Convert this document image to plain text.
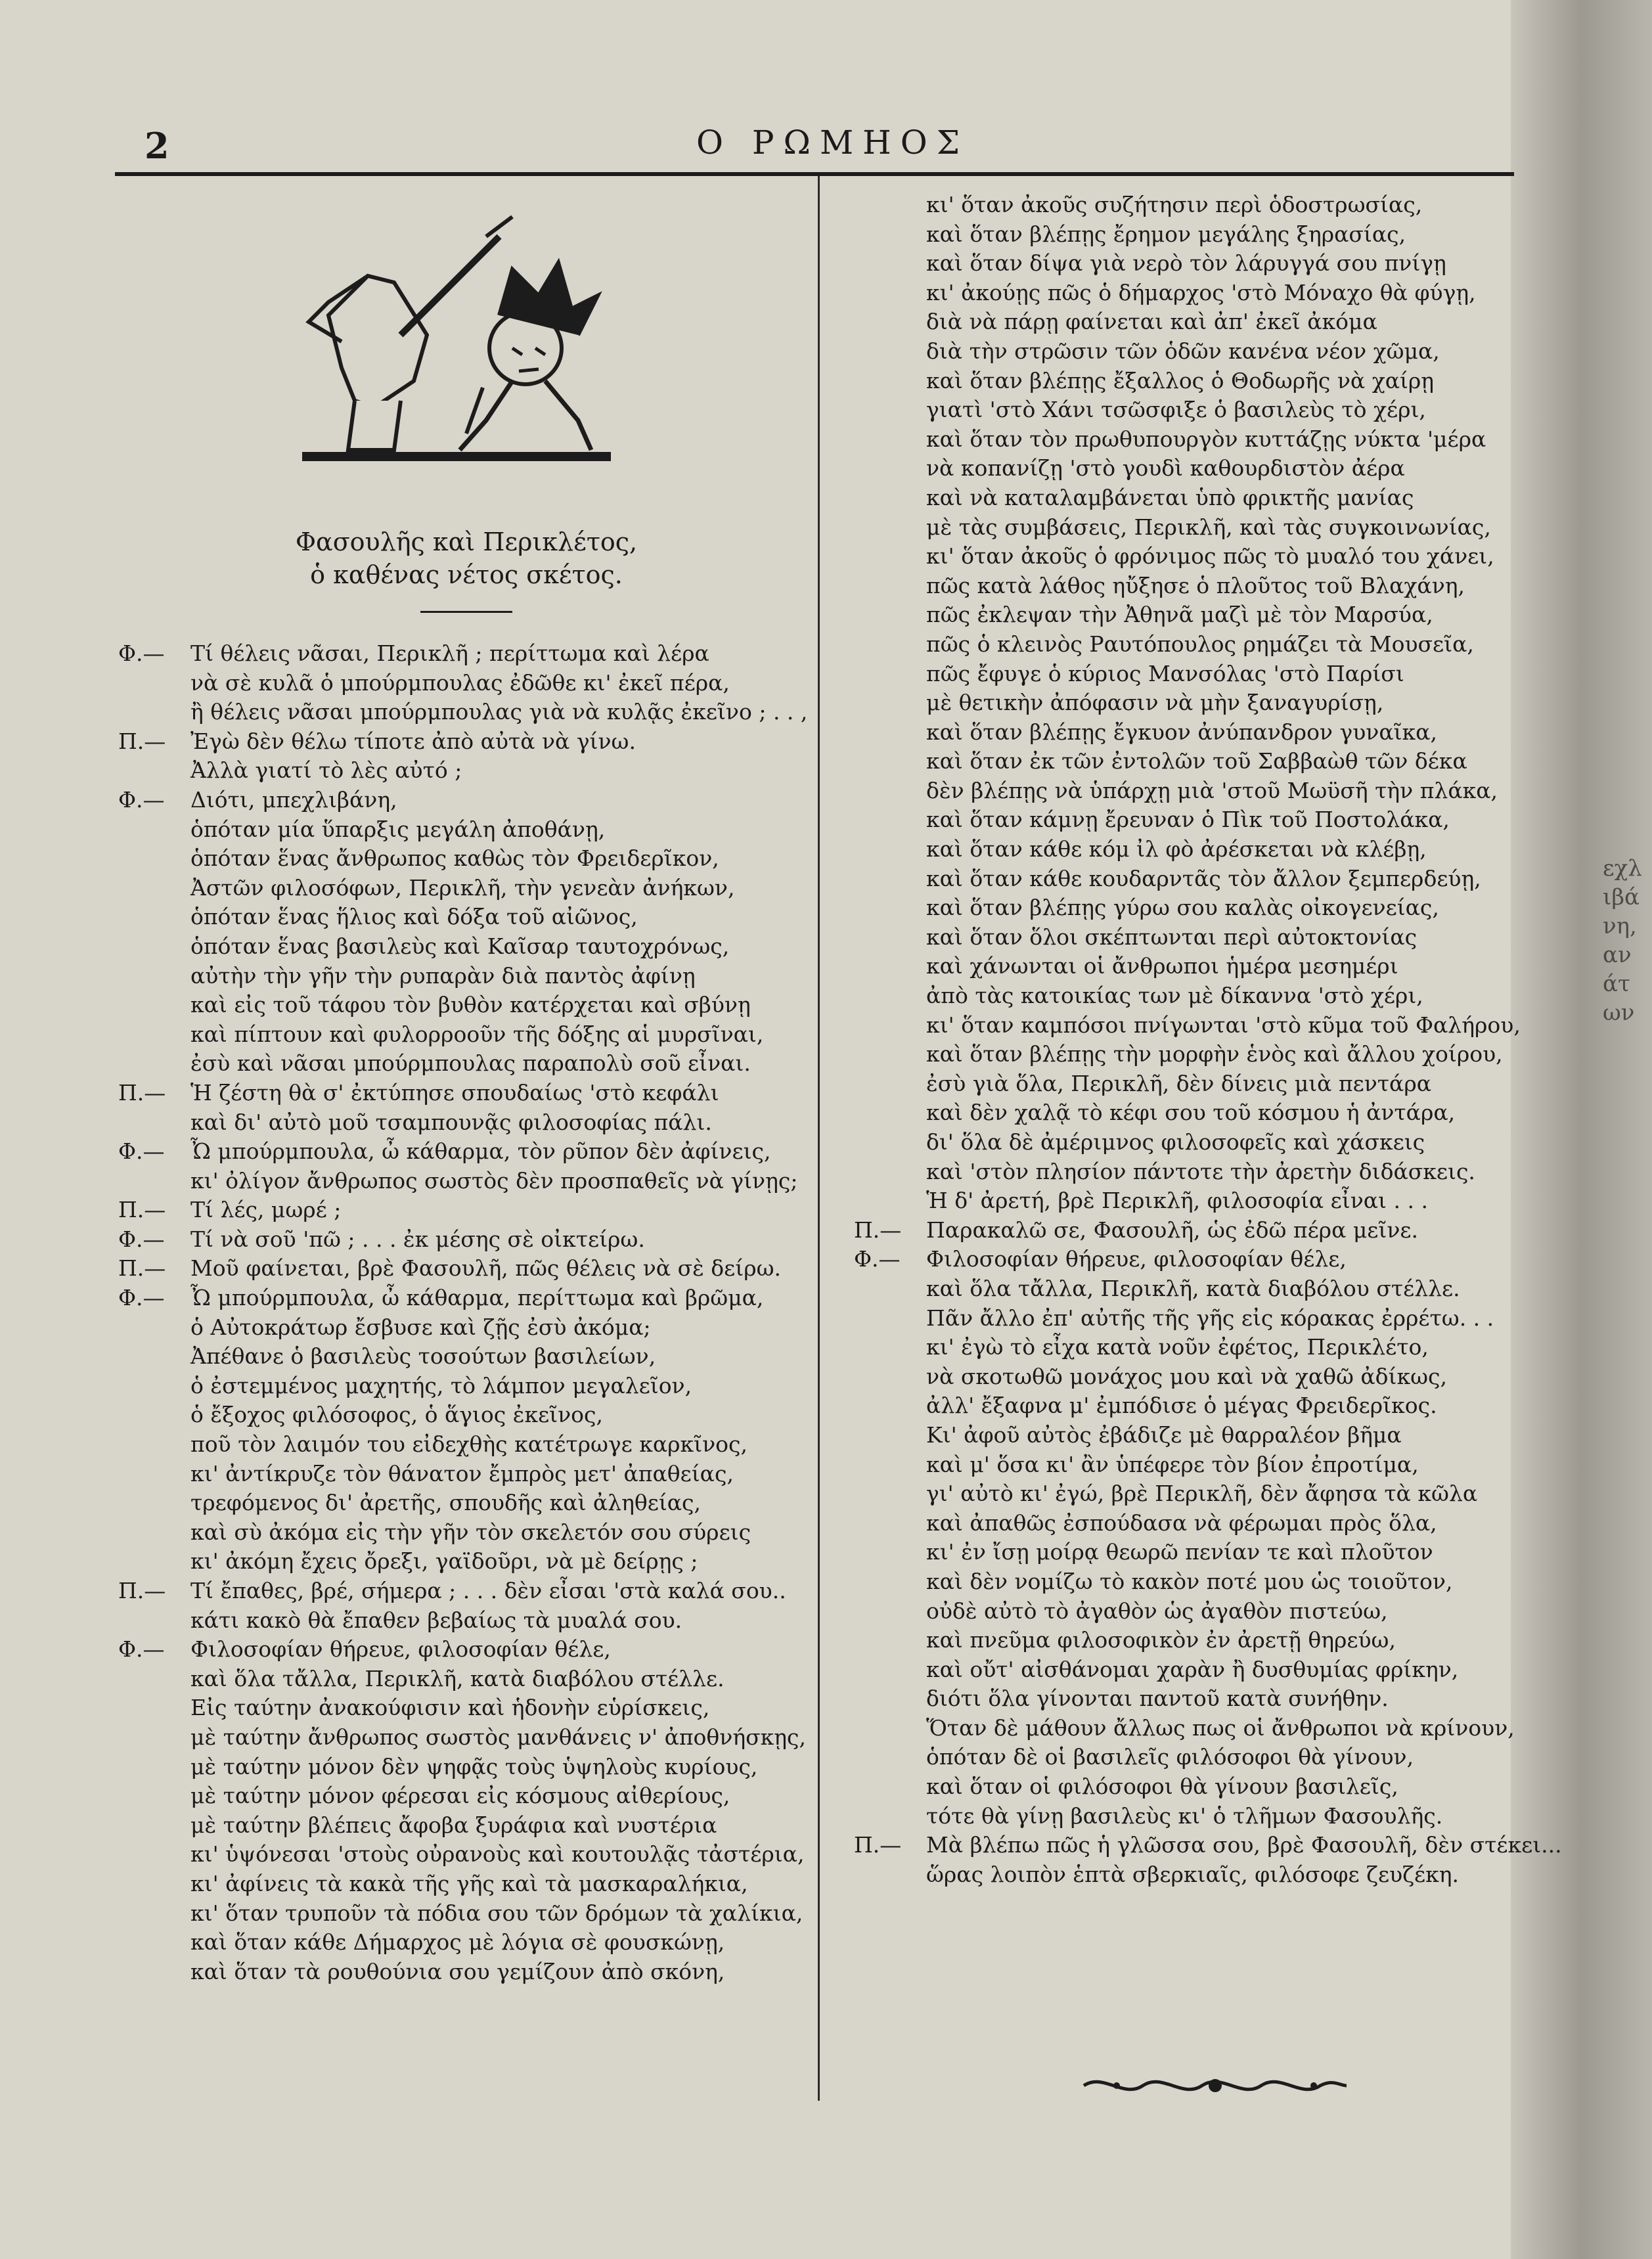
εχλιβάνη, ανάτων
2	Ο ΡΩΜΗΟΣ
Φασουλῆς καὶ Περικλέτος,
ὁ καθένας νέτος σκέτος.
Φ.— Τί θέλεις νᾶσαι, Περικλῆ ; περίττωμα καὶ λέρα
νὰ σὲ κυλᾶ ὁ μπούρμπουλας ἐδῶθε κι' ἐκεῖ πέρα,
ἢ θέλεις νᾶσαι μπούρμπουλας γιὰ νὰ κυλᾷς ἐκεῖνο ; . . ,
Π.— Ἐγὼ δὲν θέλω τίποτε ἀπὸ αὐτὰ νὰ γίνω.
Ἀλλὰ γιατί τὸ λὲς αὐτό ;
Φ.— Διότι, μπεχλιβάνη,
ὁπόταν μία ὕπαρξις μεγάλη ἀποθάνῃ,
ὁπόταν ἕνας ἄνθρωπος καθὼς τὸν Φρειδερῖκον,
Ἀστῶν φιλοσόφων, Περικλῆ, τὴν γενεὰν ἀνήκων,
ὁπόταν ἕνας ἥλιος καὶ δόξα τοῦ αἰῶνος,
ὁπόταν ἕνας βασιλεὺς καὶ Καῖσαρ ταυτοχρόνως,
αὐτὴν τὴν γῆν τὴν ρυπαρὰν διὰ παντὸς ἀφίνῃ
καὶ εἰς τοῦ τάφου τὸν βυθὸν κατέρχεται καὶ σβύνῃ
καὶ πίπτουν καὶ φυλορροοῦν τῆς δόξης αἱ μυρσῖναι,
ἐσὺ καὶ νᾶσαι μπούρμπουλας παραπολὺ σοῦ εἶναι.
Π.— Ἡ ζέστη θὰ σ' ἐκτύπησε σπουδαίως 'στὸ κεφάλι
καὶ δι' αὐτὸ μοῦ τσαμπουνᾷς φιλοσοφίας πάλι.
Φ.— Ὦ μπούρμπουλα, ὦ κάθαρμα, τὸν ρῦπον δὲν ἀφίνεις,
κι' ὀλίγον ἄνθρωπος σωστὸς δὲν προσπαθεῖς νὰ γίνῃς;
Π.— Τί λές, μωρέ ;
Φ.— Τί νὰ σοῦ 'πῶ ; . . . ἐκ μέσης σὲ οἰκτείρω.
Π.— Μοῦ φαίνεται, βρὲ Φασουλῆ, πῶς θέλεις νὰ σὲ δείρω.
Φ.— Ὦ μπούρμπουλα, ὦ κάθαρμα, περίττωμα καὶ βρῶμα,
ὁ Αὐτοκράτωρ ἔσβυσε καὶ ζῇς ἐσὺ ἀκόμα;
Ἀπέθανε ὁ βασιλεὺς τοσούτων βασιλείων,
ὁ ἐστεμμένος μαχητής, τὸ λάμπον μεγαλεῖον,
ὁ ἔξοχος φιλόσοφος, ὁ ἅγιος ἐκεῖνος,
ποῦ τὸν λαιμόν του εἰδεχθὴς κατέτρωγε καρκῖνος,
κι' ἀντίκρυζε τὸν θάνατον ἔμπρὸς μετ' ἀπαθείας,
τρεφόμενος δι' ἀρετῆς, σπουδῆς καὶ ἀληθείας,
καὶ σὺ ἀκόμα εἰς τὴν γῆν τὸν σκελετόν σου σύρεις
κι' ἀκόμη ἔχεις ὄρεξι, γαϊδοῦρι, νὰ μὲ δείρῃς ;
Π.— Τί ἔπαθες, βρέ, σήμερα ; . . . δὲν εἶσαι 'στὰ καλά σου..
κάτι κακὸ θὰ ἔπαθεν βεβαίως τὰ μυαλά σου.
Φ.— Φιλοσοφίαν θήρευε, φιλοσοφίαν θέλε,
καὶ ὅλα τἄλλα, Περικλῆ, κατὰ διαβόλου στέλλε.
Εἰς ταύτην ἀνακούφισιν καὶ ἡδονὴν εὑρίσκεις,
μὲ ταύτην ἄνθρωπος σωστὸς μανθάνεις ν' ἀποθνήσκῃς,
μὲ ταύτην μόνον δὲν ψηφᾷς τοὺς ὑψηλοὺς κυρίους,
μὲ ταύτην μόνον φέρεσαι εἰς κόσμους αἰθερίους,
μὲ ταύτην βλέπεις ἄφοβα ξυράφια καὶ νυστέρια
κι' ὑψόνεσαι 'στοὺς οὐρανοὺς καὶ κουτουλᾷς τἀστέρια,
κι' ἀφίνεις τὰ κακὰ τῆς γῆς καὶ τὰ μασκαραλήκια,
κι' ὅταν τρυποῦν τὰ πόδια σου τῶν δρόμων τὰ χαλίκια,
καὶ ὅταν κάθε Δήμαρχος μὲ λόγια σὲ φουσκώνῃ,
καὶ ὅταν τὰ ρουθούνια σου γεμίζουν ἀπὸ σκόνη,
κι' ὅταν ἀκοῦς συζήτησιν περὶ ὁδοστρωσίας,
καὶ ὅταν βλέπῃς ἔρημον μεγάλης ξηρασίας,
καὶ ὅταν δίψα γιὰ νερὸ τὸν λάρυγγά σου πνίγῃ
κι' ἀκούῃς πῶς ὁ δήμαρχος 'στὸ Μόναχο θὰ φύγῃ,
διὰ νὰ πάρῃ φαίνεται καὶ ἀπ' ἐκεῖ ἀκόμα
διὰ τὴν στρῶσιν τῶν ὁδῶν κανένα νέον χῶμα,
καὶ ὅταν βλέπῃς ἔξαλλος ὁ Θοδωρῆς νὰ χαίρῃ
γιατὶ 'στὸ Χάνι τσῶσφιξε ὁ βασιλεὺς τὸ χέρι,
καὶ ὅταν τὸν πρωθυπουργὸν κυττάζῃς νύκτα 'μέρα
νὰ κοπανίζῃ 'στὸ γουδὶ καθουρδιστὸν ἀέρα
καὶ νὰ καταλαμβάνεται ὑπὸ φρικτῆς μανίας
μὲ τὰς συμβάσεις, Περικλῆ, καὶ τὰς συγκοινωνίας,
κι' ὅταν ἀκοῦς ὁ φρόνιμος πῶς τὸ μυαλό του χάνει,
πῶς κατὰ λάθος ηὔξησε ὁ πλοῦτος τοῦ Βλαχάνη,
πῶς ἐκλεψαν τὴν Ἀθηνᾶ μαζὶ μὲ τὸν Μαρσύα,
πῶς ὁ κλεινὸς Ραυτόπουλος ρημάζει τὰ Μουσεῖα,
πῶς ἔφυγε ὁ κύριος Μανσόλας 'στὸ Παρίσι
μὲ θετικὴν ἀπόφασιν νὰ μὴν ξαναγυρίσῃ,
καὶ ὅταν βλέπῃς ἔγκυον ἀνύπανδρον γυναῖκα,
καὶ ὅταν ἐκ τῶν ἐντολῶν τοῦ Σαββαὼθ τῶν δέκα
δὲν βλέπῃς νὰ ὑπάρχῃ μιὰ 'στοῦ Μωϋσῆ τὴν πλάκα,
καὶ ὅταν κάμνῃ ἔρευναν ὁ Πὶκ τοῦ Ποστολάκα,
καὶ ὅταν κάθε κόμ ἰλ φὸ ἀρέσκεται νὰ κλέβῃ,
καὶ ὅταν κάθε κουδαρντᾶς τὸν ἄλλον ξεμπερδεύῃ,
καὶ ὅταν βλέπῃς γύρω σου καλὰς οἰκογενείας,
καὶ ὅταν ὅλοι σκέπτωνται περὶ αὐτοκτονίας
καὶ χάνωνται οἱ ἄνθρωποι ἡμέρα μεσημέρι
ἀπὸ τὰς κατοικίας των μὲ δίκαννα 'στὸ χέρι,
κι' ὅταν καμπόσοι πνίγωνται 'στὸ κῦμα τοῦ Φαλήρου,
καὶ ὅταν βλέπῃς τὴν μορφὴν ἑνὸς καὶ ἄλλου χοίρου,
ἐσὺ γιὰ ὅλα, Περικλῆ, δὲν δίνεις μιὰ πεντάρα
καὶ δὲν χαλᾷ τὸ κέφι σου τοῦ κόσμου ἡ ἀντάρα,
δι' ὅλα δὲ ἀμέριμνος φιλοσοφεῖς καὶ χάσκεις
καὶ 'στὸν πλησίον πάντοτε τὴν ἀρετὴν διδάσκεις.
Ἡ δ' ἀρετή, βρὲ Περικλῆ, φιλοσοφία εἶναι . . .
Π.— Παρακαλῶ σε, Φασουλῆ, ὡς ἐδῶ πέρα μεῖνε.
Φ.— Φιλοσοφίαν θήρευε, φιλοσοφίαν θέλε,
καὶ ὅλα τἄλλα, Περικλῆ, κατὰ διαβόλου στέλλε.
Πᾶν ἄλλο ἐπ' αὐτῆς τῆς γῆς εἰς κόρακας ἐρρέτω. . .
κι' ἐγὼ τὸ εἶχα κατὰ νοῦν ἐφέτος, Περικλέτο,
νὰ σκοτωθῶ μονάχος μου καὶ νὰ χαθῶ ἀδίκως,
ἀλλ' ἔξαφνα μ' ἐμπόδισε ὁ μέγας Φρειδερῖκος.
Κι' ἀφοῦ αὐτὸς ἐβάδιζε μὲ θαρραλέον βῆμα
καὶ μ' ὅσα κι' ἂν ὑπέφερε τὸν βίον ἐπροτίμα,
γι' αὐτὸ κι' ἐγώ, βρὲ Περικλῆ, δὲν ἄφησα τὰ κῶλα
καὶ ἀπαθῶς ἐσπούδασα νὰ φέρωμαι πρὸς ὅλα,
κι' ἐν ἴσῃ μοίρᾳ θεωρῶ πενίαν τε καὶ πλοῦτον
καὶ δὲν νομίζω τὸ κακὸν ποτέ μου ὡς τοιοῦτον,
οὐδὲ αὐτὸ τὸ ἀγαθὸν ὡς ἀγαθὸν πιστεύω,
καὶ πνεῦμα φιλοσοφικὸν ἐν ἀρετῇ θηρεύω,
καὶ οὔτ' αἰσθάνομαι χαρὰν ἢ δυσθυμίας φρίκην,
διότι ὅλα γίνονται παντοῦ κατὰ συνήθην.
Ὅταν δὲ μάθουν ἄλλως πως οἱ ἄνθρωποι νὰ κρίνουν,
ὁπόταν δὲ οἱ βασιλεῖς φιλόσοφοι θὰ γίνουν,
καὶ ὅταν οἱ φιλόσοφοι θὰ γίνουν βασιλεῖς,
τότε θὰ γίνῃ βασιλεὺς κι' ὁ τλῆμων Φασουλῆς.
Π.— Μὰ βλέπω πῶς ἡ γλῶσσα σου, βρὲ Φασουλῆ, δὲν στέκει...
ὥρας λοιπὸν ἑπτὰ σβερκιαῖς, φιλόσοφε ζευζέκη.
